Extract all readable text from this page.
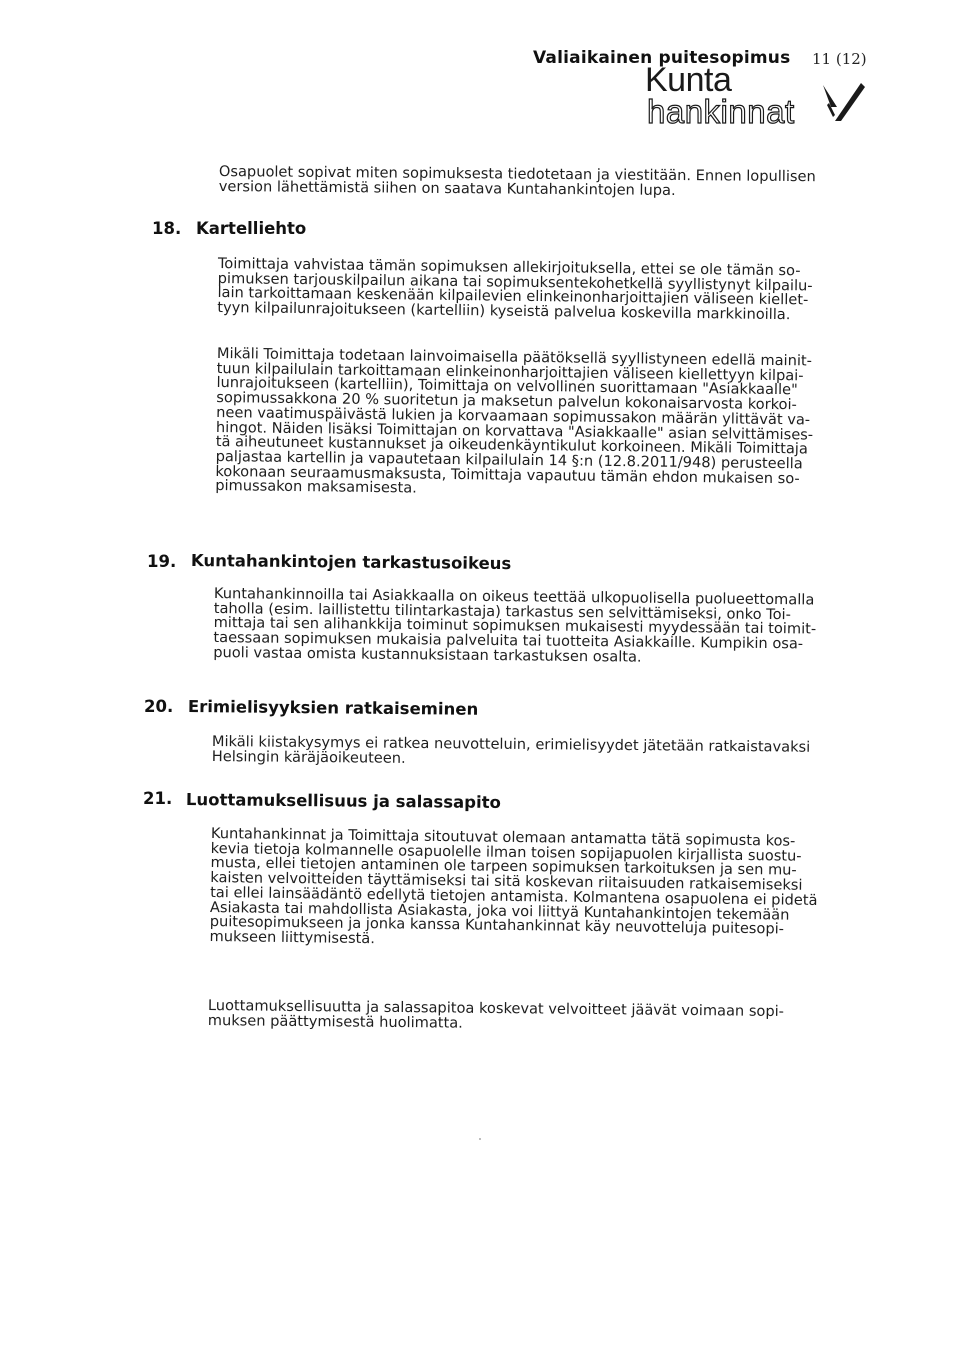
Valiaikainen puitesopimus 11 (12)
Kunta
hankinnat
Osapuolet sopivat miten sopimuksesta tiedotetaan ja viestitään. Ennen lopullisen
version lähettämistä siihen on saatava Kuntahankintojen lupa.
18. Kartelliehto
Toimittaja vahvistaa tämän sopimuksen allekirjoituksella, ettei se ole tämän so-
pimuksen tarjouskilpailun aikana tai sopimuksentekohetkellä syyllistynyt kilpailu-
lain tarkoittamaan keskenään kilpailevien elinkeinonharjoittajien väliseen kiellet-
tyyn kilpailunrajoitukseen (kartelliin) kyseistä palvelua koskevilla markkinoilla.
Mikäli Toimittaja todetaan lainvoimaisella päätöksellä syyllistyneen edellä mainit-
tuun kilpailulain tarkoittamaan elinkeinonharjoittajien väliseen kiellettyyn kilpai-
lunrajoitukseen (kartelliin), Toimittaja on velvollinen suorittamaan "Asiakkaalle"
sopimussakkona 20 % suoritetun ja maksetun palvelun kokonaisarvosta korkoi-
neen vaatimuspäivästä lukien ja korvaamaan sopimussakon määrän ylittävät va-
hingot. Näiden lisäksi Toimittajan on korvattava "Asiakkaalle" asian selvittämises-
tä aiheutuneet kustannukset ja oikeudenkäyntikulut korkoineen. Mikäli Toimittaja
paljastaa kartellin ja vapautetaan kilpailulain 14 §:n (12.8.2011/948) perusteella
kokonaan seuraamusmaksusta, Toimittaja vapautuu tämän ehdon mukaisen so-
pimussakon maksamisesta.
19. Kuntahankintojen tarkastusoikeus
Kuntahankinnoilla tai Asiakkaalla on oikeus teettää ulkopuolisella puolueettomalla
taholla (esim. laillistettu tilintarkastaja) tarkastus sen selvittämiseksi, onko Toi-
mittaja tai sen alihankkija toiminut sopimuksen mukaisesti myydessään tai toimit-
taessaan sopimuksen mukaisia palveluita tai tuotteita Asiakkaille. Kumpikin osa-
puoli vastaa omista kustannuksistaan tarkastuksen osalta.
20. Erimielisyyksien ratkaiseminen
Mikäli kiistakysymys ei ratkea neuvotteluin, erimielisyydet jätetään ratkaistavaksi
Helsingin käräjäoikeuteen.
21. Luottamuksellisuus ja salassapito
Kuntahankinnat ja Toimittaja sitoutuvat olemaan antamatta tätä sopimusta kos-
kevia tietoja kolmannelle osapuolelle ilman toisen sopijapuolen kirjallista suostu-
musta, ellei tietojen antaminen ole tarpeen sopimuksen tarkoituksen ja sen mu-
kaisten velvoitteiden täyttämiseksi tai sitä koskevan riitaisuuden ratkaisemiseksi
tai ellei lainsäädäntö edellytä tietojen antamista. Kolmantena osapuolena ei pidetä
Asiakasta tai mahdollista Asiakasta, joka voi liittyä Kuntahankintojen tekemään
puitesopimukseen ja jonka kanssa Kuntahankinnat käy neuvotteluja puitesopi-
mukseen liittymisestä.
Luottamuksellisuutta ja salassapitoa koskevat velvoitteet jäävät voimaan sopi-
muksen päättymisestä huolimatta.
